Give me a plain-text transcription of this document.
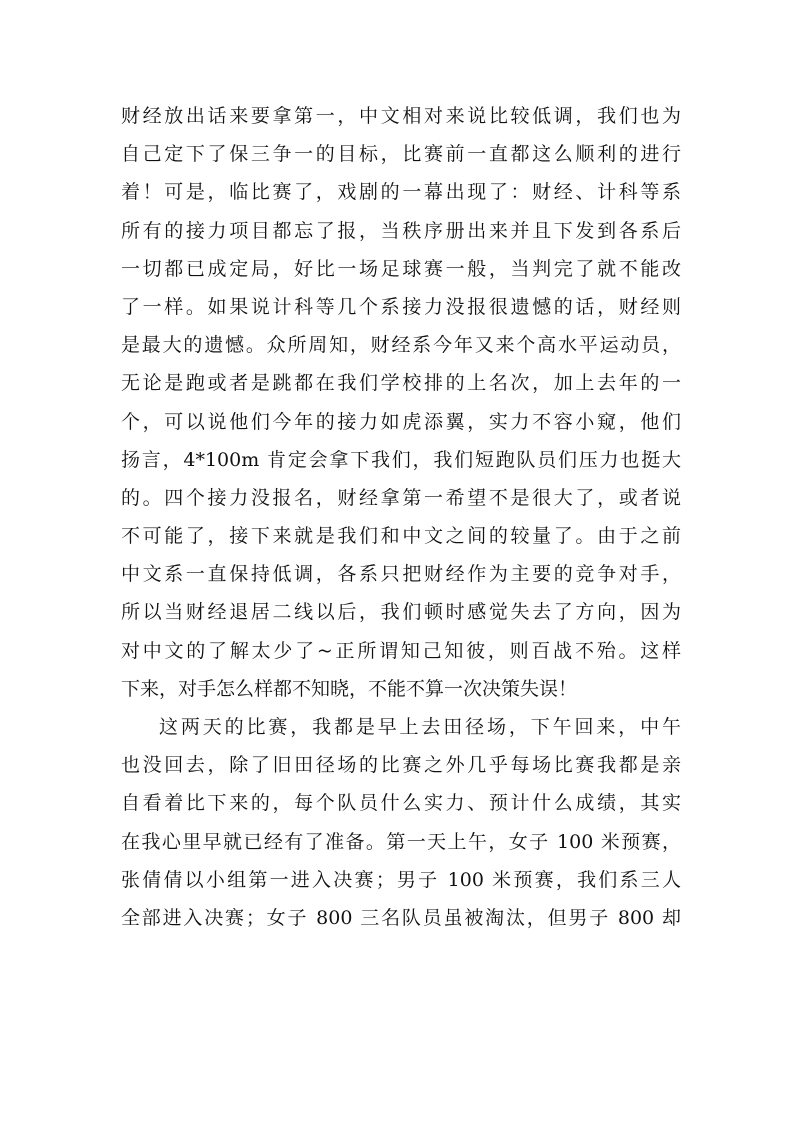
财经放出话来要拿第一，中文相对来说比较低调，我们也为
自己定下了保三争一的目标，比赛前一直都这么顺利的进行
着！可是，临比赛了，戏剧的一幕出现了：财经、计科等系
所有的接力项目都忘了报，当秩序册出来并且下发到各系后
一切都已成定局，好比一场足球赛一般，当判完了就不能改
了一样。如果说计科等几个系接力没报很遗憾的话，财经则
是最大的遗憾。众所周知，财经系今年又来个高水平运动员，
无论是跑或者是跳都在我们学校排的上名次，加上去年的一
个，可以说他们今年的接力如虎添翼，实力不容小窥，他们
扬言，4*100m 肯定会拿下我们，我们短跑队员们压力也挺大
的。四个接力没报名，财经拿第一希望不是很大了，或者说
不可能了，接下来就是我们和中文之间的较量了。由于之前
中文系一直保持低调，各系只把财经作为主要的竞争对手，
所以当财经退居二线以后，我们顿时感觉失去了方向，因为
对中文的了解太少了~正所谓知己知彼，则百战不殆。这样
下来，对手怎么样都不知晓，不能不算一次决策失误！
这两天的比赛，我都是早上去田径场，下午回来，中午
也没回去，除了旧田径场的比赛之外几乎每场比赛我都是亲
自看着比下来的，每个队员什么实力、预计什么成绩，其实
在我心里早就已经有了准备。第一天上午，女子 100 米预赛，
张倩倩以小组第一进入决赛；男子 100 米预赛，我们系三人
全部进入决赛；女子 800 三名队员虽被淘汰，但男子 800 却
